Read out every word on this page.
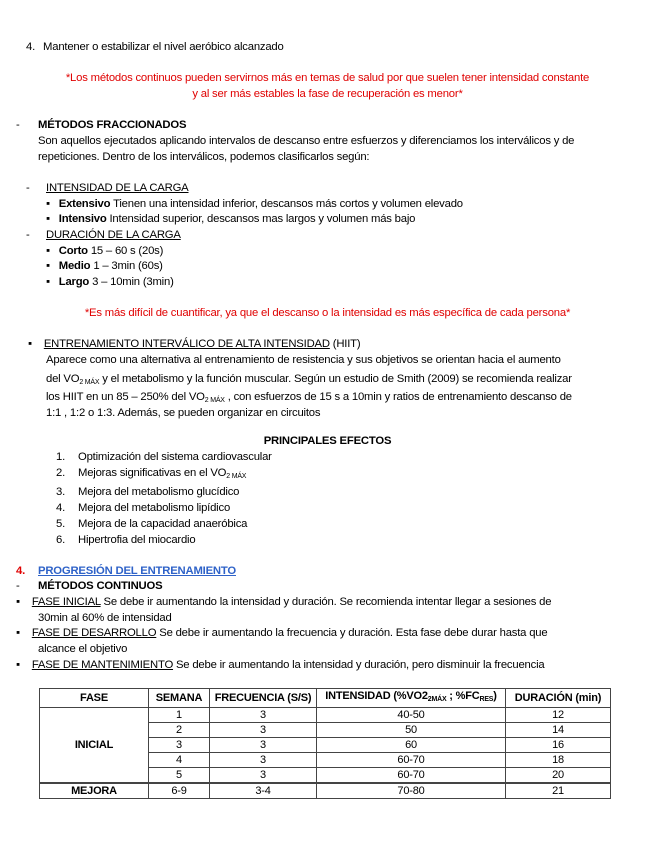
4. Mantener o estabilizar el nivel aeróbico alcanzado
*Los métodos continuos pueden servirnos más en temas de salud por que suelen tener intensidad constante
y al ser más estables la fase de recuperación es menor*
- MÉTODOS FRACCIONADOS
Son aquellos ejecutados aplicando intervalos de descanso entre esfuerzos y diferenciamos los interválicos y de
repeticiones. Dentro de los interválicos, podemos clasificarlos según:
- INTENSIDAD DE LA CARGA
▪ Extensivo Tienen una intensidad inferior, descansos más cortos y volumen elevado
▪ Intensivo Intensidad superior, descansos mas largos y volumen más bajo
- DURACIÓN DE LA CARGA
▪ Corto 15 – 60 s (20s)
▪ Medio 1 – 3min (60s)
▪ Largo 3 – 10min (3min)
*Es más difícil de cuantificar, ya que el descanso o la intensidad es más específica de cada persona*
▪ ENTRENAMIENTO INTERVÁLICO DE ALTA INTENSIDAD (HIIT)
Aparece como una alternativa al entrenamiento de resistencia y sus objetivos se orientan hacia el aumento
del $VO_{2 MÁX}$ y el metabolismo y la función muscular. Según un estudio de Smith (2009) se recomienda realizar
los HIIT en un 85 – 250% del $VO_{2 MÁX}$ , con esfuerzos de 15 s a 10min y ratios de entrenamiento descanso de
1:1 , 1:2 o 1:3. Además, se pueden organizar en circuitos
PRINCIPALES EFECTOS
1. Optimización del sistema cardiovascular
2. Mejoras significativas en el $VO_{2 MÁX}$
3. Mejora del metabolismo glucídico
4. Mejora del metabolismo lipídico
5. Mejora de la capacidad anaeróbica
6. Hipertrofia del miocardio
4. PROGRESIÓN DEL ENTRENAMIENTO
- MÉTODOS CONTINUOS
▪ FASE INICIAL Se debe ir aumentando la intensidad y duración. Se recomienda intentar llegar a sesiones de
30min al 60% de intensidad
▪ FASE DE DESARROLLO Se debe ir aumentando la frecuencia y duración. Esta fase debe durar hasta que
alcance el objetivo
▪ FASE DE MANTENIMIENTO Se debe ir aumentando la intensidad y duración, pero disminuir la frecuencia
FASE	SEMANA	FRECUENCIA (S/S)	INTENSIDAD ($\%VO2_{2MÁX}$ ; $\%FC_{RES}$)	DURACIÓN (min)
INICIAL	1	3	40-50	12
	2	3	50	14
	3	3	60	16
	4	3	60-70	18
	5	3	60-70	20
MEJORA	6-9	3-4	70-80	21
